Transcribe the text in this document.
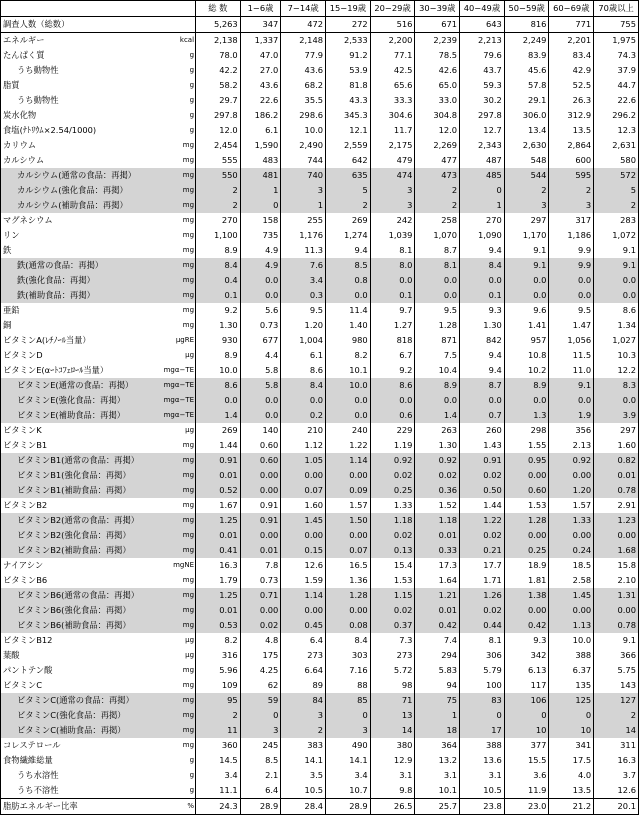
		総 数	1−6歳	7−14歳	15−19歳	20−29歳	30−39歳	40−49歳	50−59歳	60−69歳	70歳以上
調査人数（総数）		5,263	347	472	272	516	671	643	816	771	755
エネルギー	kcal	2,138	1,337	2,148	2,533	2,200	2,239	2,213	2,249	2,201	1,975
たんぱく質	g	78.0	47.0	77.9	91.2	77.1	78.5	79.6	83.9	83.4	74.3
うち動物性	g	42.2	27.0	43.6	53.9	42.5	42.6	43.7	45.6	42.9	37.9
脂質	g	58.2	43.6	68.2	81.8	65.6	65.0	59.3	57.8	52.5	44.7
うち動物性	g	29.7	22.6	35.5	43.3	33.3	33.0	30.2	29.1	26.3	22.6
炭水化物	g	297.8	186.2	298.6	345.3	304.6	304.8	297.8	306.0	312.9	296.2
食塩(ﾅﾄﾘｳﾑ×2.54/1000)	g	12.0	6.1	10.0	12.1	11.7	12.0	12.7	13.4	13.5	12.3
カリウム	mg	2,454	1,590	2,490	2,559	2,175	2,269	2,343	2,630	2,864	2,631
カルシウム	mg	555	483	744	642	479	477	487	548	600	580
カルシウム(通常の食品：再掲）	mg	550	481	740	635	474	473	485	544	595	572
カルシウム(強化食品：再掲）	mg	2	1	3	5	3	2	0	2	2	5
カルシウム(補助食品：再掲）	mg	2	0	1	2	3	2	1	3	3	2
マグネシウム	mg	270	158	255	269	242	258	270	297	317	283
リン	mg	1,100	735	1,176	1,274	1,039	1,070	1,090	1,170	1,186	1,072
鉄	mg	8.9	4.9	11.3	9.4	8.1	8.7	9.4	9.1	9.9	9.1
鉄(通常の食品：再掲）	mg	8.4	4.9	7.6	8.5	8.0	8.1	8.4	9.1	9.9	9.1
鉄(強化食品：再掲）	mg	0.4	0.0	3.4	0.8	0.0	0.0	0.0	0.0	0.0	0.0
鉄(補助食品：再掲）	mg	0.1	0.0	0.3	0.0	0.1	0.0	0.1	0.0	0.0	0.0
亜鉛	mg	9.2	5.6	9.5	11.4	9.7	9.5	9.3	9.6	9.5	8.6
銅	mg	1.30	0.73	1.20	1.40	1.27	1.28	1.30	1.41	1.47	1.34
ビタミンA(ﾚﾁﾉｰﾙ当量）	μgRE	930	677	1,004	980	818	871	842	957	1,056	1,027
ビタミンD	μg	8.9	4.4	6.1	8.2	6.7	7.5	9.4	10.8	11.5	10.3
ビタミンE(αｰﾄｺﾌｪﾛｰﾙ当量）	mgα−TE	10.0	5.8	8.6	10.1	9.2	10.4	9.4	10.2	11.0	12.2
ビタミンE(通常の食品：再掲）	mgα−TE	8.6	5.8	8.4	10.0	8.6	8.9	8.7	8.9	9.1	8.3
ビタミンE(強化食品：再掲）	mgα−TE	0.0	0.0	0.0	0.0	0.0	0.0	0.0	0.0	0.0	0.0
ビタミンE(補助食品：再掲）	mgα−TE	1.4	0.0	0.2	0.0	0.6	1.4	0.7	1.3	1.9	3.9
ビタミンK	μg	269	140	210	240	229	263	260	298	356	297
ビタミンB1	mg	1.44	0.60	1.12	1.22	1.19	1.30	1.43	1.55	2.13	1.60
ビタミンB1(通常の食品：再掲）	mg	0.91	0.60	1.05	1.14	0.92	0.92	0.91	0.95	0.92	0.82
ビタミンB1(強化食品：再掲）	mg	0.01	0.00	0.00	0.00	0.02	0.02	0.02	0.00	0.00	0.01
ビタミンB1(補助食品：再掲）	mg	0.52	0.00	0.07	0.09	0.25	0.36	0.50	0.60	1.20	0.78
ビタミンB2	mg	1.67	0.91	1.60	1.57	1.33	1.52	1.44	1.53	1.57	2.91
ビタミンB2(通常の食品：再掲）	mg	1.25	0.91	1.45	1.50	1.18	1.18	1.22	1.28	1.33	1.23
ビタミンB2(強化食品：再掲）	mg	0.01	0.00	0.00	0.00	0.02	0.01	0.02	0.00	0.00	0.00
ビタミンB2(補助食品：再掲）	mg	0.41	0.01	0.15	0.07	0.13	0.33	0.21	0.25	0.24	1.68
ナイアシン	mgNE	16.3	7.8	12.6	16.5	15.4	17.3	17.7	18.9	18.5	15.8
ビタミンB6	mg	1.79	0.73	1.59	1.36	1.53	1.64	1.71	1.81	2.58	2.10
ビタミンB6(通常の食品：再掲）	mg	1.25	0.71	1.14	1.28	1.15	1.21	1.26	1.38	1.45	1.31
ビタミンB6(強化食品：再掲）	mg	0.01	0.00	0.00	0.00	0.02	0.01	0.02	0.00	0.00	0.00
ビタミンB6(補助食品：再掲）	mg	0.53	0.02	0.45	0.08	0.37	0.42	0.44	0.42	1.13	0.78
ビタミンB12	μg	8.2	4.8	6.4	8.4	7.3	7.4	8.1	9.3	10.0	9.1
葉酸	μg	316	175	273	303	273	294	306	342	388	366
パントテン酸	mg	5.96	4.25	6.64	7.16	5.72	5.83	5.79	6.13	6.37	5.75
ビタミンC	mg	109	62	89	88	98	94	100	117	135	143
ビタミンC(通常の食品：再掲）	mg	95	59	84	85	71	75	83	106	125	127
ビタミンC(強化食品：再掲）	mg	2	0	3	0	13	1	0	0	0	2
ビタミンC(補助食品：再掲）	mg	11	3	2	3	14	18	17	10	10	14
コレステロール	mg	360	245	383	490	380	364	388	377	341	311
食物繊維総量	g	14.5	8.5	14.1	14.1	12.9	13.2	13.6	15.5	17.5	16.3
うち水溶性	g	3.4	2.1	3.5	3.4	3.1	3.1	3.1	3.6	4.0	3.7
うち不溶性	g	11.1	6.4	10.5	10.7	9.8	10.1	10.5	11.9	13.5	12.6
脂肪エネルギー比率	%	24.3	28.9	28.4	28.9	26.5	25.7	23.8	23.0	21.2	20.1
